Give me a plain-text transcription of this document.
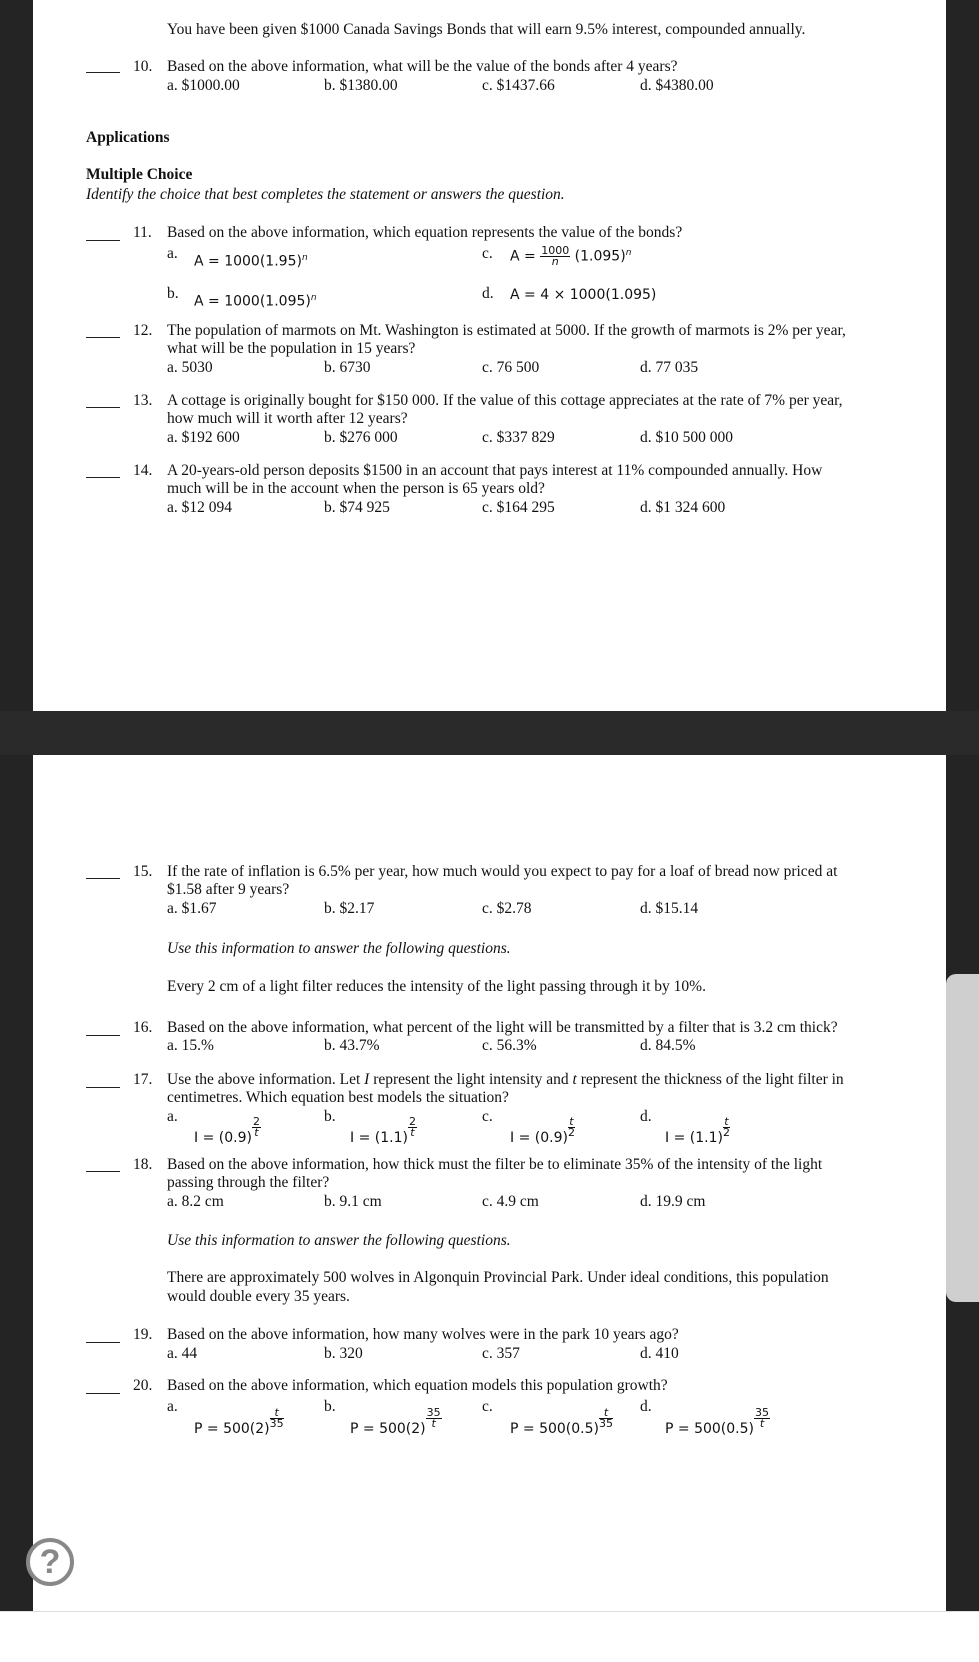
You have been given $1000 Canada Savings Bonds that will earn 9.5% interest, compounded annually.
10. Based on the above information, what will be the value of the bonds after 4 years?
a. $1000.00	b. $1380.00	c. $1437.66	d. $4380.00
Applications
Multiple Choice
Identify the choice that best completes the statement or answers the question.
11. Based on the above information, which equation represents the value of the bonds?
a. $A = 1000(1.95)^n$	c. $A = \frac{1000}{n} (1.095)^n$
b. $A = 1000(1.095)^n$	d. A = 4 × 1000(1.095)
12. The population of marmots on Mt. Washington is estimated at 5000. If the growth of marmots is 2% per year,
what will be the population in 15 years?
a. 5030	b. 6730	c. 76 500	d. 77 035
13. A cottage is originally bought for $150 000. If the value of this cottage appreciates at the rate of 7% per year,
how much will it worth after 12 years?
a. $192 600	b. $276 000	c. $337 829	d. $10 500 000
14. A 20-years-old person deposits $1500 in an account that pays interest at 11% compounded annually. How
much will be in the account when the person is 65 years old?
a. $12 094	b. $74 925	c. $164 295	d. $1 324 600
15. If the rate of inflation is 6.5% per year, how much would you expect to pay for a loaf of bread now priced at
$1.58 after 9 years?
a. $1.67	b. $2.17	c. $2.78	d. $15.14
Use this information to answer the following questions.
Every 2 cm of a light filter reduces the intensity of the light passing through it by 10%.
16. Based on the above information, what percent of the light will be transmitted by a filter that is 3.2 cm thick?
a. 15.%	b. 43.7%	c. 56.3%	d. 84.5%
17. Use the above information. Let I represent the light intensity and t represent the thickness of the light filter in
centimetres. Which equation best models the situation?
a.
$I = (0.9) \frac{2}{t}$
b.
$I = (1.1) \frac{2}{t}$
c.
$I = (0.9) \frac{t}{2}$
d.
$I = (1.1) \frac{t}{2}$
18. Based on the above information, how thick must the filter be to eliminate 35% of the intensity of the light
passing through the filter?
a. 8.2 cm	b. 9.1 cm	c. 4.9 cm	d. 19.9 cm
Use this information to answer the following questions.
There are approximately 500 wolves in Algonquin Provincial Park. Under ideal conditions, this population
would double every 35 years.
19. Based on the above information, how many wolves were in the park 10 years ago?
a. 44	b. 320	c. 357	d. 410
20. Based on the above information, which equation models this population growth?
a.
$P = 500(2) \frac{t}{35}$
b.
$P = 500(2) \frac{35}{t}$
c.
$P = 500(0.5) \frac{t}{35}$
d.
$P = 500(0.5) \frac{35}{t}$
?
